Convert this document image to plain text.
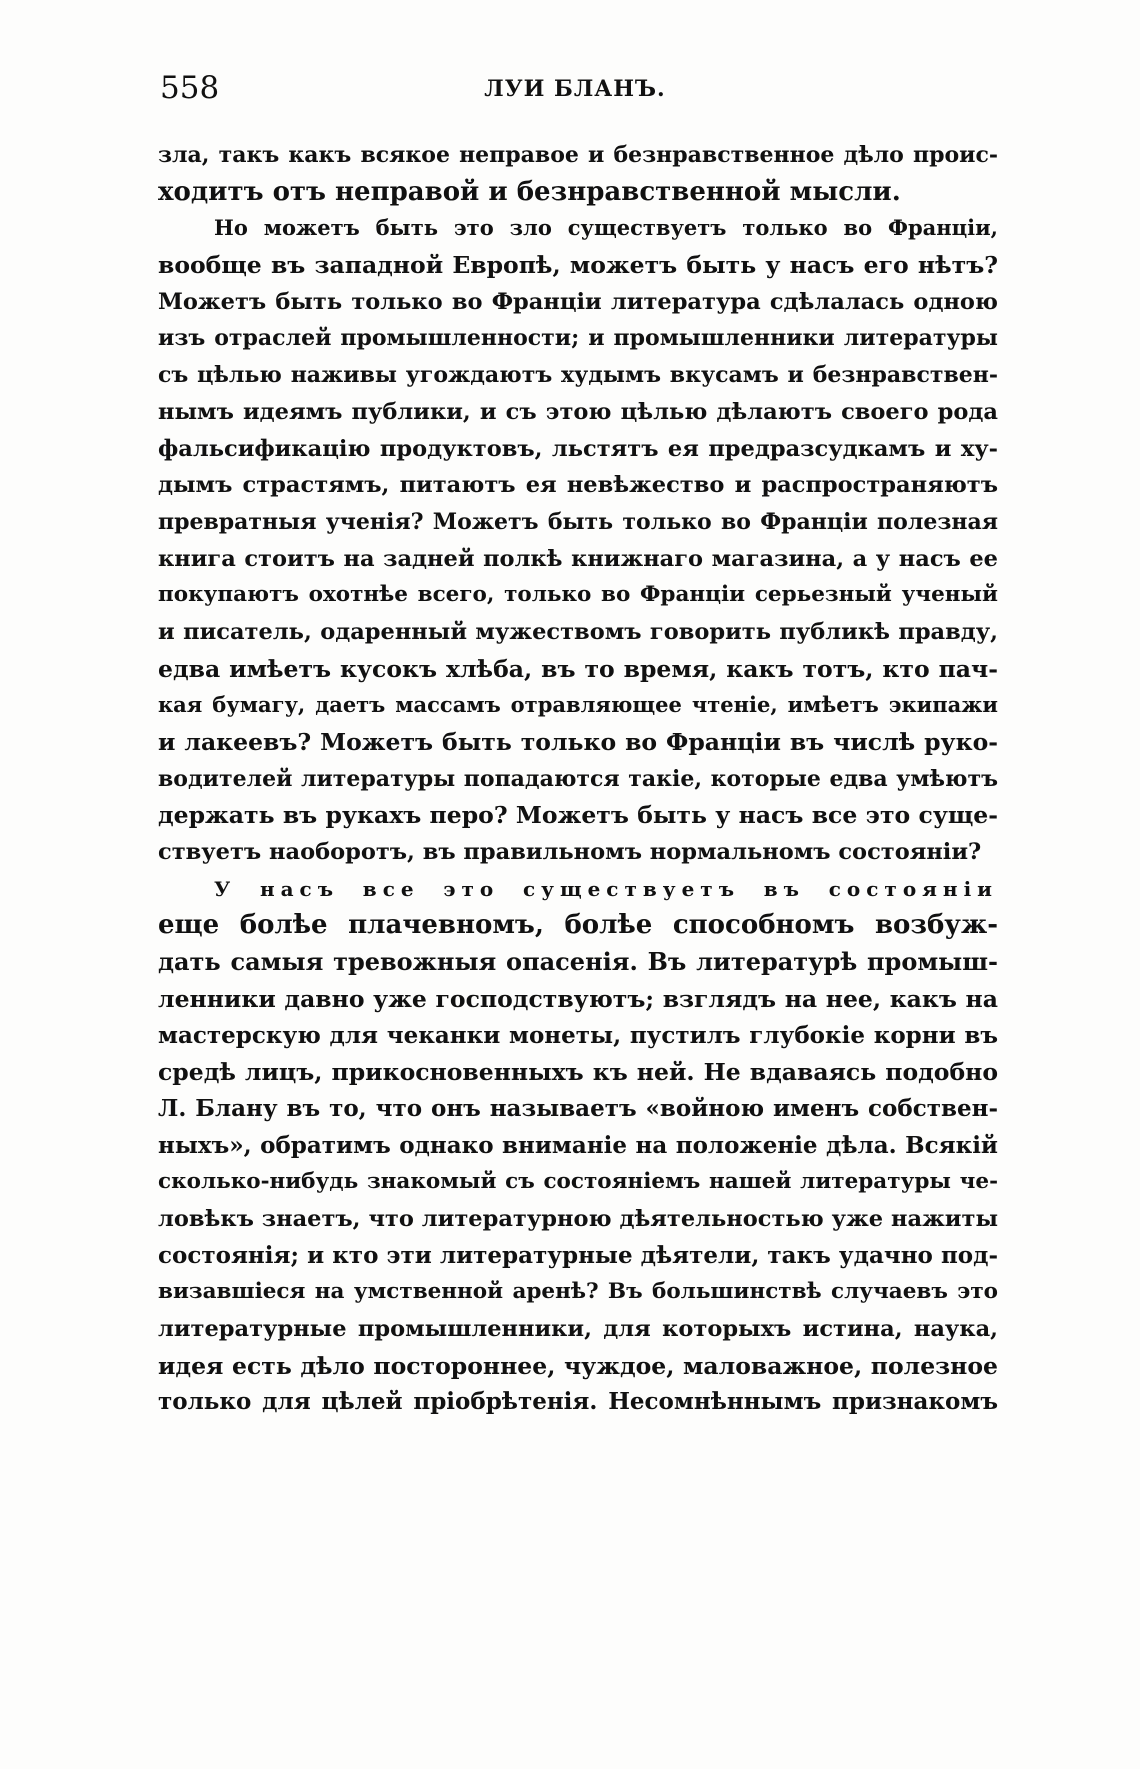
558	ЛУИ БЛАНЪ.
зла, такъ какъ всякое неправое и безнравственное дѣло проис-
ходитъ отъ неправой и безнравственной мысли.
Но можетъ быть это зло существуетъ только во Франціи,
вообще въ западной Европѣ, можетъ быть у насъ его нѣтъ?
Можетъ быть только во Франціи литература сдѣлалась одною
изъ отраслей промышленности; и промышленники литературы
съ цѣлью наживы угождаютъ худымъ вкусамъ и безнравствен-
нымъ идеямъ публики, и съ этою цѣлью дѣлаютъ своего рода
фальсификацію продуктовъ, льстятъ ея предразсудкамъ и ху-
дымъ страстямъ, питаютъ ея невѣжество и распространяютъ
превратныя ученія? Можетъ быть только во Франціи полезная
книга стоитъ на задней полкѣ книжнаго магазина, а у насъ ее
покупаютъ охотнѣе всего, только во Франціи серьезный ученый
и писатель, одаренный мужествомъ говорить публикѣ правду,
едва имѣетъ кусокъ хлѣба, въ то время, какъ тотъ, кто пач-
кая бумагу, даетъ массамъ отравляющее чтеніе, имѣетъ экипажи
и лакеевъ? Можетъ быть только во Франціи въ числѣ руко-
водителей литературы попадаются такіе, которые едва умѣютъ
держать въ рукахъ перо? Можетъ быть у насъ все это суще-
ствуетъ наоборотъ, въ правильномъ нормальномъ состояніи?
У насъ все это существуетъ въ состояніи
еще болѣе плачевномъ, болѣе способномъ возбуж-
дать самыя тревожныя опасенія. Въ литературѣ промыш-
ленники давно уже господствуютъ; взглядъ на нее, какъ на
мастерскую для чеканки монеты, пустилъ глубокіе корни въ
средѣ лицъ, прикосновенныхъ къ ней. Не вдаваясь подобно
Л. Блану въ то, что онъ называетъ «войною именъ собствен-
ныхъ», обратимъ однако вниманіе на положеніе дѣла. Всякій
сколько-нибудь знакомый съ состояніемъ нашей литературы че-
ловѣкъ знаетъ, что литературною дѣятельностью уже нажиты
состоянія; и кто эти литературные дѣятели, такъ удачно под-
визавшіеся на умственной аренѣ? Въ большинствѣ случаевъ это
литературные промышленники, для которыхъ истина, наука,
идея есть дѣло постороннее, чуждое, маловажное, полезное
только для цѣлей пріобрѣтенія. Несомнѣннымъ признакомъ
